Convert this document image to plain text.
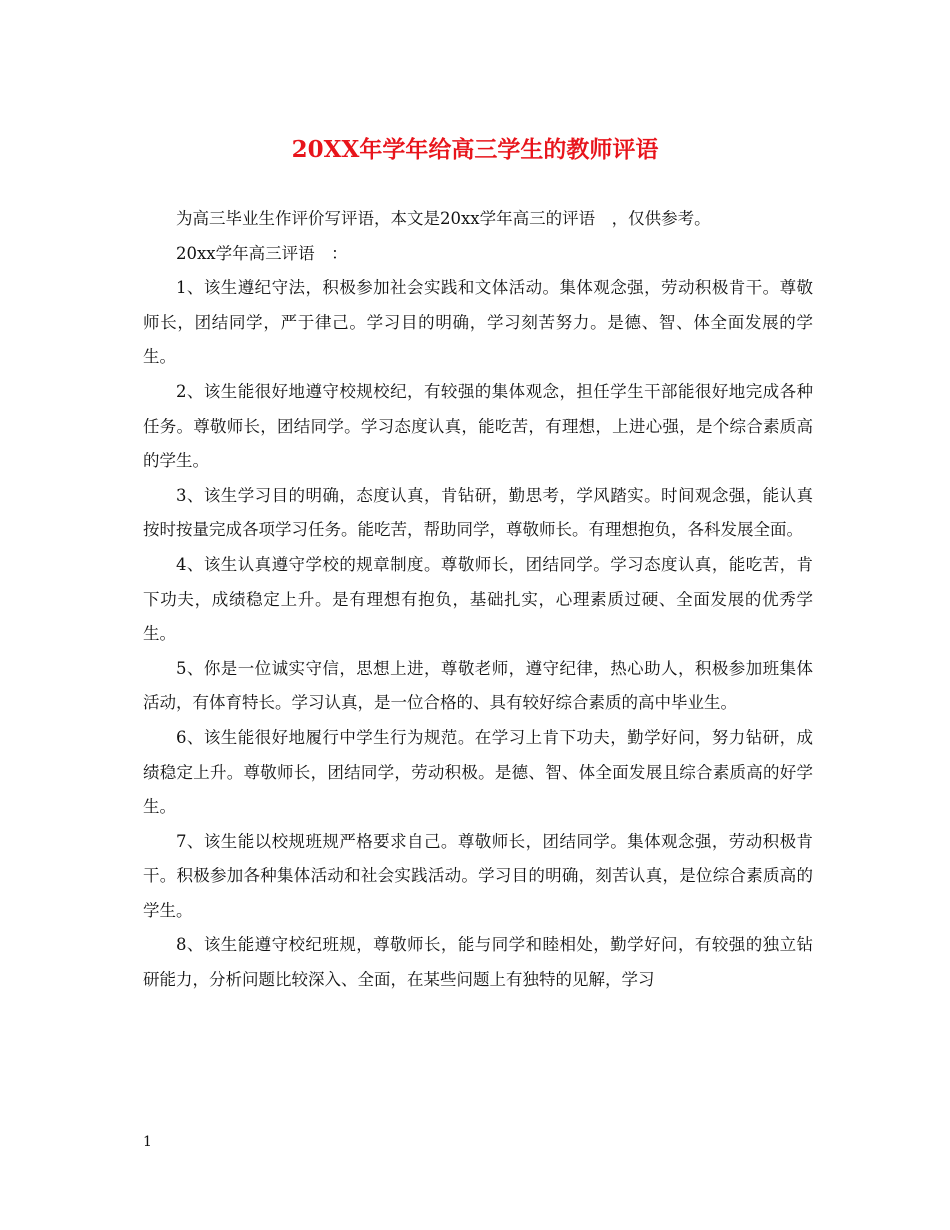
20XX年学年给高三学生的教师评语

为高三毕业生作评价写评语，本文是20xx学年高三的评语　，仅供参考。

20xx学年高三评语　：

1、该生遵纪守法，积极参加社会实践和文体活动。集体观念强，劳动积极肯干。尊敬师长，团结同学，严于律己。学习目的明确，学习刻苦努力。是德、智、体全面发展的学生。

2、该生能很好地遵守校规校纪，有较强的集体观念，担任学生干部能很好地完成各种任务。尊敬师长，团结同学。学习态度认真，能吃苦，有理想，上进心强，是个综合素质高的学生。

3、该生学习目的明确，态度认真，肯钻研，勤思考，学风踏实。时间观念强，能认真按时按量完成各项学习任务。能吃苦，帮助同学，尊敬师长。有理想抱负，各科发展全面。

4、该生认真遵守学校的规章制度。尊敬师长，团结同学。学习态度认真，能吃苦，肯下功夫，成绩稳定上升。是有理想有抱负，基础扎实，心理素质过硬、全面发展的优秀学生。

5、你是一位诚实守信，思想上进，尊敬老师，遵守纪律，热心助人，积极参加班集体活动，有体育特长。学习认真，是一位合格的、具有较好综合素质的高中毕业生。

6、该生能很好地履行中学生行为规范。在学习上肯下功夫，勤学好问，努力钻研，成绩稳定上升。尊敬师长，团结同学，劳动积极。是德、智、体全面发展且综合素质高的好学生。

7、该生能以校规班规严格要求自己。尊敬师长，团结同学。集体观念强，劳动积极肯干。积极参加各种集体活动和社会实践活动。学习目的明确，刻苦认真，是位综合素质高的学生。

8、该生能遵守校纪班规，尊敬师长，能与同学和睦相处，勤学好问，有较强的独立钻研能力，分析问题比较深入、全面，在某些问题上有独特的见解，学习

1
